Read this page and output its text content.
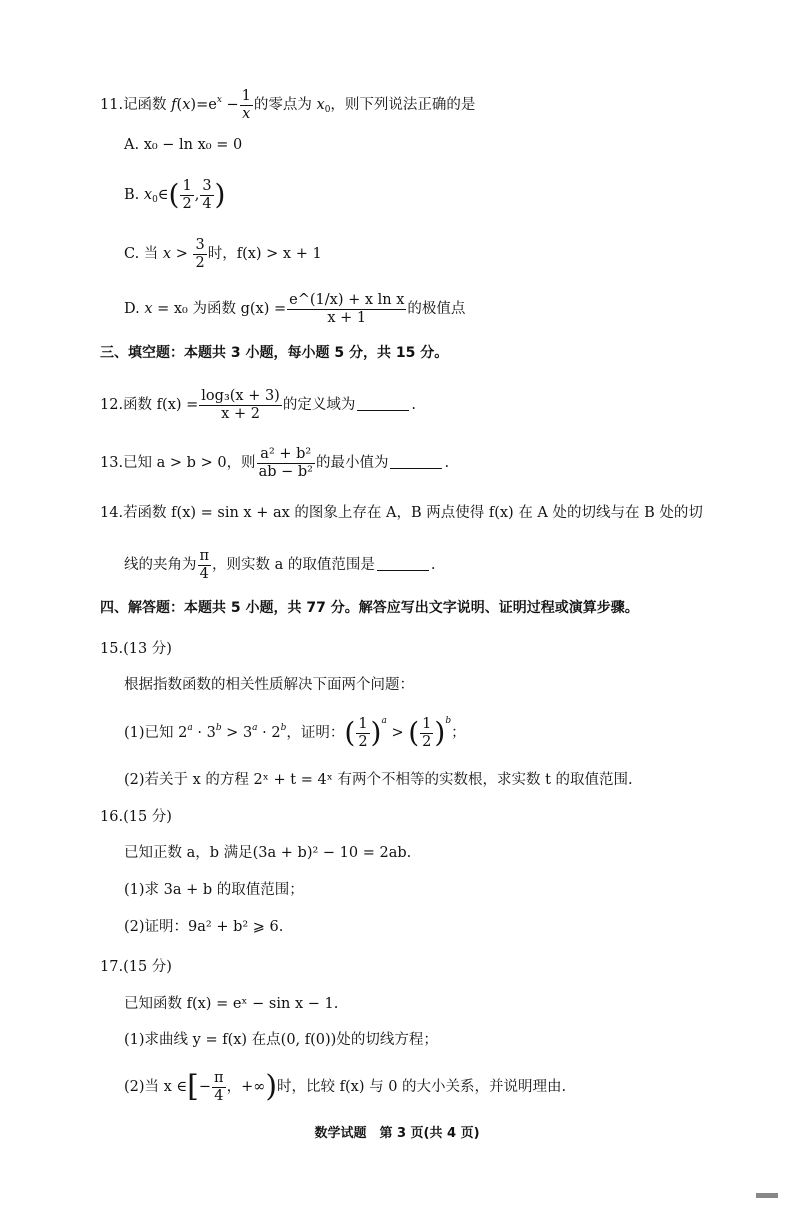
11.记函数 $f(x)=e^x - \frac{1}{x}$ 的零点为 $x_0$，则下列说法正确的是
A. x₀ − ln x₀ = 0
B. $x_0\in( \frac{1}{2}$ , $\frac{3}{4}$ )
C. 当 $x > \frac{3}{2}$ 时，f(x) > x + 1
D. x = x₀ 为函数 $g(x) = \frac{\text{e\textasciicircum{}(1/x) + x ln x}}{x + 1}$ 的极值点
三、填空题：本题共 3 小题，每小题 5 分，共 15 分。
12.函数 $f(x) = \frac{\text{log₃(x + 3)}}{x + 2}$ 的定义域为	.
13.已知 a > b > 0，则 $\frac{\text{a² + b²}}{\text{ab − b²}}$ 的最小值为	.
14.若函数 f(x) = sin x + ax 的图象上存在 A，B 两点使得 f(x) 在 A 处的切线与在 B 处的切
线的夹角为 $\frac{\pi}{4}$ ，则实数 a 的取值范围是	.
四、解答题：本题共 5 小题，共 77 分。解答应写出文字说明、证明过程或演算步骤。
15.(13 分)
根据指数函数的相关性质解决下面两个问题：
(1)已知 $2^a \cdot 3^b > 3^a \cdot 2^b$，证明：( $\frac{1}{2} )^a$ > ( $\frac{1}{2} )^b$；
(2)若关于 x 的方程 2ˣ + t = 4ˣ 有两个不相等的实数根，求实数 t 的取值范围.
16.(15 分)
已知正数 a，b 满足(3a + b)² − 10 = 2ab.
(1)求 3a + b 的取值范围；
(2)证明：9a² + b² ⩾ 6.
17.(15 分)
已知函数 f(x) = eˣ − sin x − 1.
(1)求曲线 y = f(x) 在点(0, f(0))处的切线方程；
(2)当 x ∈[− $\frac{\pi}{4}$ ，+∞)时，比较 f(x) 与 0 的大小关系，并说明理由.
数学试题　第 3 页(共 4 页)
